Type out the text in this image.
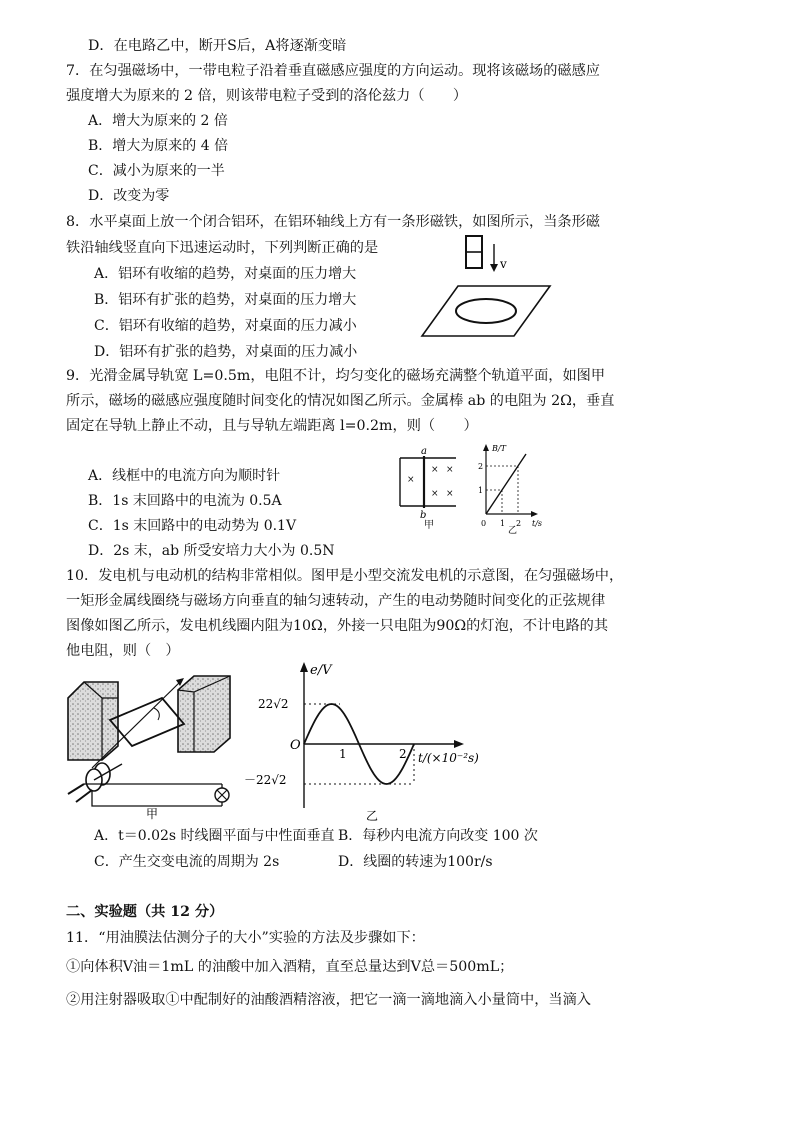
D．在电路乙中，断开S后，A将逐渐变暗
7．在匀强磁场中，一带电粒子沿着垂直磁感应强度的方向运动。现将该磁场的磁感应
强度增大为原来的 2 倍，则该带电粒子受到的洛伦兹力（　　）
A．增大为原来的 2 倍
B．增大为原来的 4 倍
C．减小为原来的一半
D．改变为零
8．水平桌面上放一个闭合铝环，在铝环轴线上方有一条形磁铁，如图所示，当条形磁
铁沿轴线竖直向下迅速运动时，下列判断正确的是
A．铝环有收缩的趋势，对桌面的压力增大
B．铝环有扩张的趋势，对桌面的压力增大
C．铝环有收缩的趋势，对桌面的压力减小
D．铝环有扩张的趋势，对桌面的压力减小
9．光滑金属导轨宽 L=0.5m，电阻不计，均匀变化的磁场充满整个轨道平面，如图甲
所示，磁场的磁感应强度随时间变化的情况如图乙所示。金属棒 ab 的电阻为 2Ω，垂直
固定在导轨上静止不动，且与导轨左端距离 l=0.2m，则（　　）
A．线框中的电流方向为顺时针
B．1s 末回路中的电流为 0.5A
C．1s 末回路中的电动势为 0.1V
D．2s 末，ab 所受安培力大小为 0.5N
10．发电机与电动机的结构非常相似。图甲是小型交流发电机的示意图，在匀强磁场中，
一矩形金属线圈绕与磁场方向垂直的轴匀速转动，产生的电动势随时间变化的正弦规律
图像如图乙所示，发电机线圈内阻为10Ω，外接一只电阻为90Ω的灯泡，不计电路的其
他电阻，则（　）
A．t＝0.02s 时线圈平面与中性面垂直 B．每秒内电流方向改变 100 次
C．产生交变电流的周期为 2s	D．线圈的转速为100r/s
二、实验题（共 12 分）
11．“用油膜法估测分子的大小”实验的方法及步骤如下：
①向体积V油＝1mL 的油酸中加入酒精，直至总量达到V总＝500mL；
②用注射器吸取①中配制好的油酸酒精溶液，把它一滴一滴地滴入小量筒中，当滴入
v
a
b
×
× ×
× ×
甲
B/T
t/s
1
2
0 1 2
乙
甲
e/V
O
t/(×10⁻²s)
22√2
－22√2
1	2
乙
